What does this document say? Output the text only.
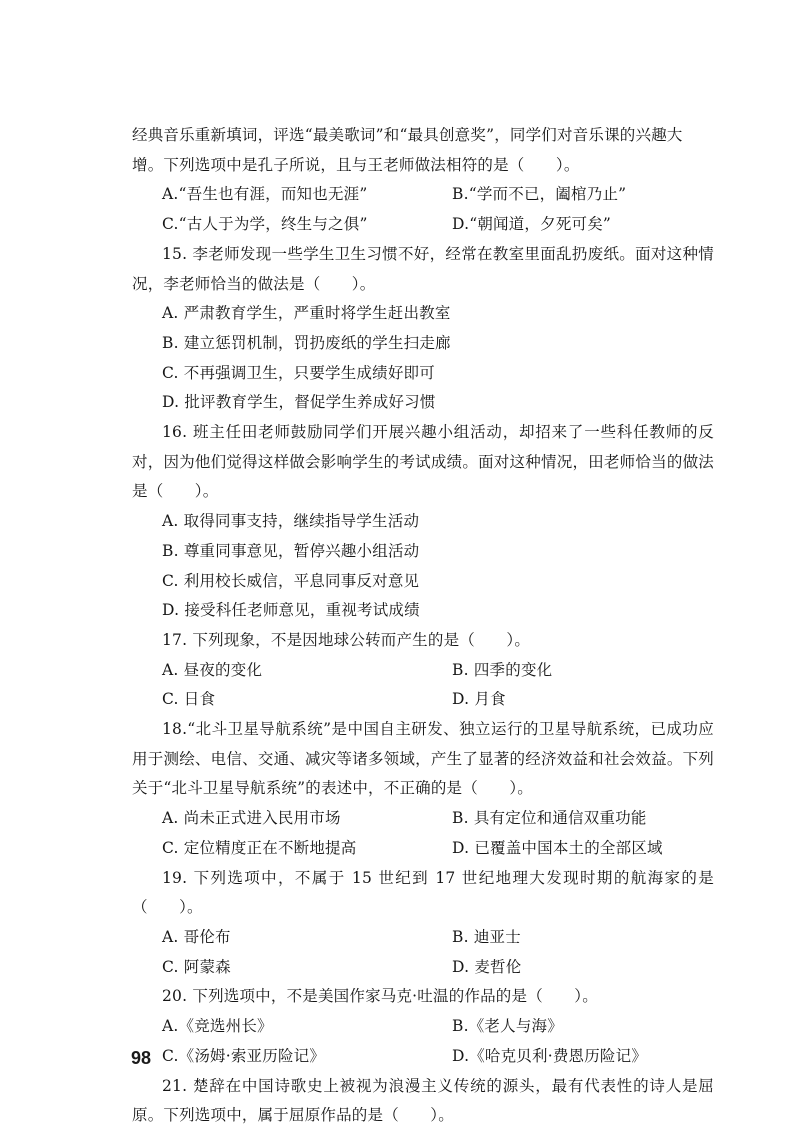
经典音乐重新填词，评选“最美歌词”和“最具创意奖”，同学们对音乐课的兴趣大
增。下列选项中是孔子所说，且与王老师做法相符的是（　　）。

A.“吾生也有涯，而知也无涯”	B.“学而不已，阖棺乃止”
C.“古人于为学，终生与之俱”	D.“朝闻道，夕死可矣”

15. 李老师发现一些学生卫生习惯不好，经常在教室里面乱扔废纸。面对这种情况，李老师恰当的做法是（　　）。

A. 严肃教育学生，严重时将学生赶出教室

B. 建立惩罚机制，罚扔废纸的学生扫走廊

C. 不再强调卫生，只要学生成绩好即可

D. 批评教育学生，督促学生养成好习惯

16. 班主任田老师鼓励同学们开展兴趣小组活动，却招来了一些科任教师的反对，因为他们觉得这样做会影响学生的考试成绩。面对这种情况，田老师恰当的做法是（　　）。

A. 取得同事支持，继续指导学生活动

B. 尊重同事意见，暂停兴趣小组活动

C. 利用校长威信，平息同事反对意见

D. 接受科任老师意见，重视考试成绩

17. 下列现象，不是因地球公转而产生的是（　　）。

A. 昼夜的变化	B. 四季的变化
C. 日食	D. 月食

18.“北斗卫星导航系统”是中国自主研发、独立运行的卫星导航系统，已成功应用于测绘、电信、交通、减灾等诸多领域，产生了显著的经济效益和社会效益。下列关于“北斗卫星导航系统”的表述中，不正确的是（　　）。

A. 尚未正式进入民用市场	B. 具有定位和通信双重功能
C. 定位精度正在不断地提高	D. 已覆盖中国本土的全部区域

19. 下列选项中，不属于 15 世纪到 17 世纪地理大发现时期的航海家的是（　　）。

A. 哥伦布	B. 迪亚士
C. 阿蒙森	D. 麦哲伦

20. 下列选项中，不是美国作家马克·吐温的作品的是（　　）。

A.《竞选州长》	B.《老人与海》
C.《汤姆·索亚历险记》	D.《哈克贝利·费恩历险记》

21. 楚辞在中国诗歌史上被视为浪漫主义传统的源头，最有代表性的诗人是屈原。下列选项中，属于屈原作品的是（　　）。

98
